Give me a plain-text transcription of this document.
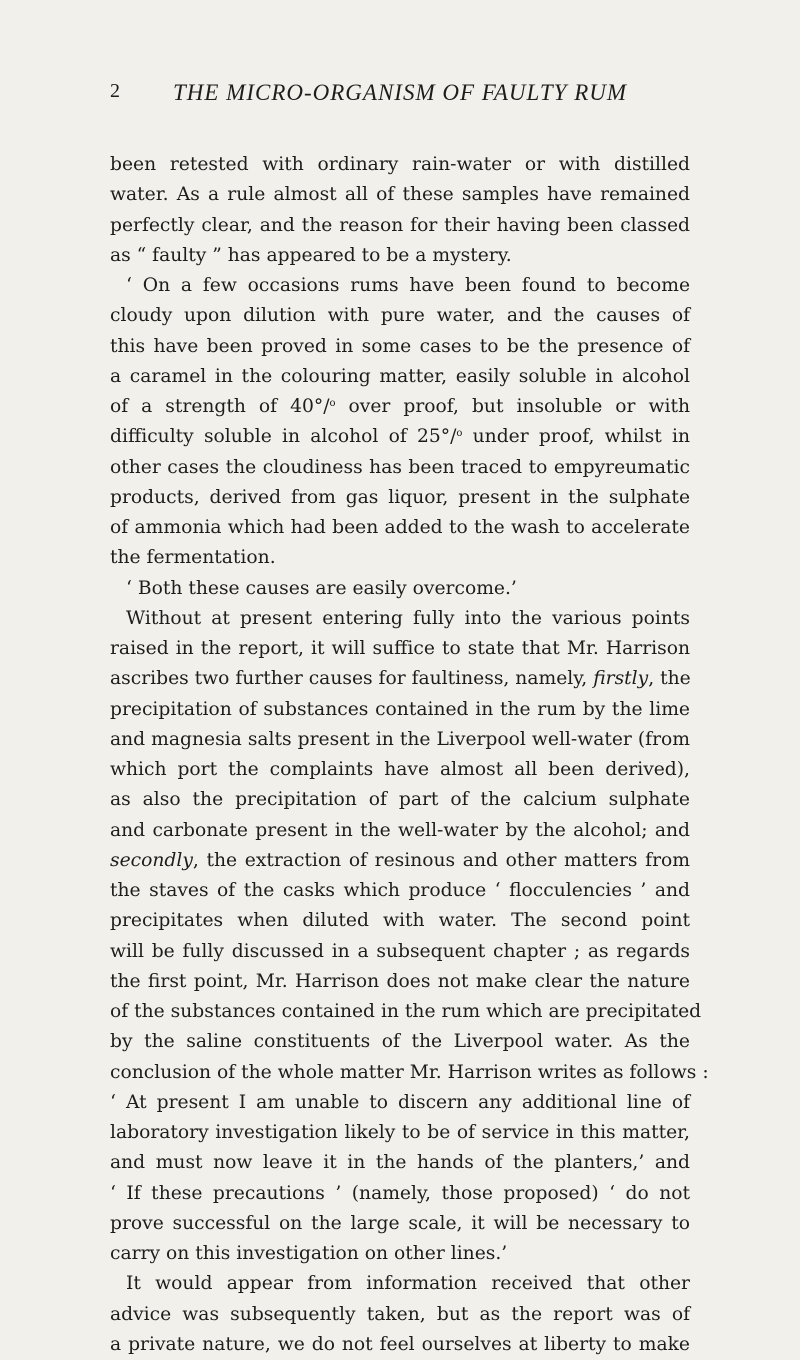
2	THE MICRO-ORGANISM OF FAULTY RUM
been retested with ordinary rain-water or with distilled
water. As a rule almost all of these samples have remained
perfectly clear, and the reason for their having been classed
as “ faulty ” has appeared to be a mystery.
‘ On a few occasions rums have been found to become
cloudy upon dilution with pure water, and the causes of
this have been proved in some cases to be the presence of
a caramel in the colouring matter, easily soluble in alcohol
of a strength of 40°/$^o$ over proof, but insoluble or with
difficulty soluble in alcohol of 25°/$^o$ under proof, whilst in
other cases the cloudiness has been traced to empyreumatic
products, derived from gas liquor, present in the sulphate
of ammonia which had been added to the wash to accelerate
the fermentation.
‘ Both these causes are easily overcome.’
Without at present entering fully into the various points
raised in the report, it will suffice to state that Mr. Harrison
ascribes two further causes for faultiness, namely, firstly, the
precipitation of substances contained in the rum by the lime
and magnesia salts present in the Liverpool well-water (from
which port the complaints have almost all been derived),
as also the precipitation of part of the calcium sulphate
and carbonate present in the well-water by the alcohol; and
secondly, the extraction of resinous and other matters from
the staves of the casks which produce ‘ flocculencies ’ and
precipitates when diluted with water. The second point
will be fully discussed in a subsequent chapter ; as regards
the first point, Mr. Harrison does not make clear the nature
of the substances contained in the rum which are precipitated
by the saline constituents of the Liverpool water. As the
conclusion of the whole matter Mr. Harrison writes as follows :
‘ At present I am unable to discern any additional line of
laboratory investigation likely to be of service in this matter,
and must now leave it in the hands of the planters,’ and
‘ If these precautions ’ (namely, those proposed) ‘ do not
prove successful on the large scale, it will be necessary to
carry on this investigation on other lines.’
It would appear from information received that other
advice was subsequently taken, but as the report was of
a private nature, we do not feel ourselves at liberty to make
